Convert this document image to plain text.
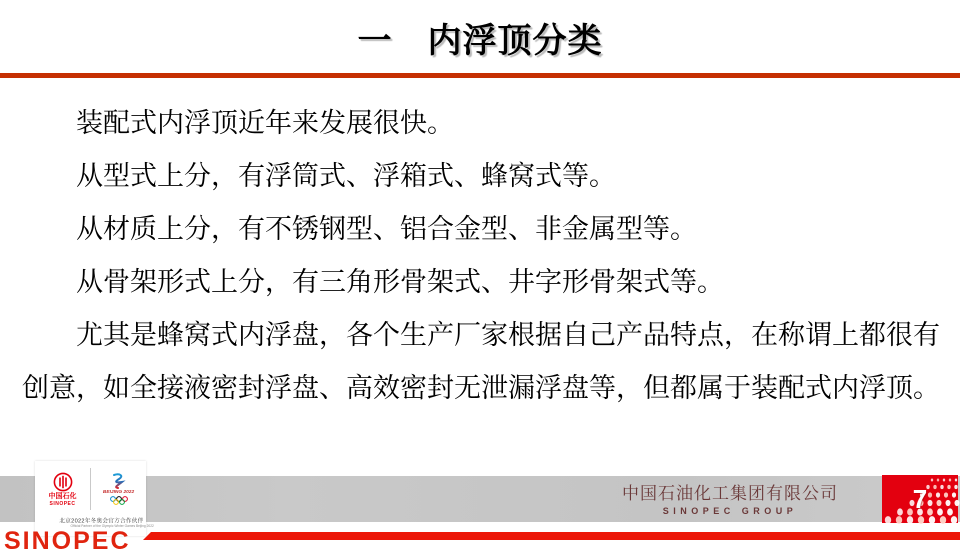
一　内浮顶分类
装配式内浮顶近年来发展很快。
从型式上分，有浮筒式、浮箱式、蜂窝式等。
从材质上分，有不锈钢型、铝合金型、非金属型等。
从骨架形式上分，有三角形骨架式、井字形骨架式等。
尤其是蜂窝式内浮盘，各个生产厂家根据自己产品特点，在称谓上都很有
创意，如全接液密封浮盘、高效密封无泄漏浮盘等，但都属于装配式内浮顶。
中国石化
SINOPEC
BEIJING 2022
北京2022年冬奥会官方合作伙伴
Official Partner of the Olympic Winter Games Beijing 2022
中国石油化工集团有限公司
SINOPEC GROUP	7
SINOPEC
